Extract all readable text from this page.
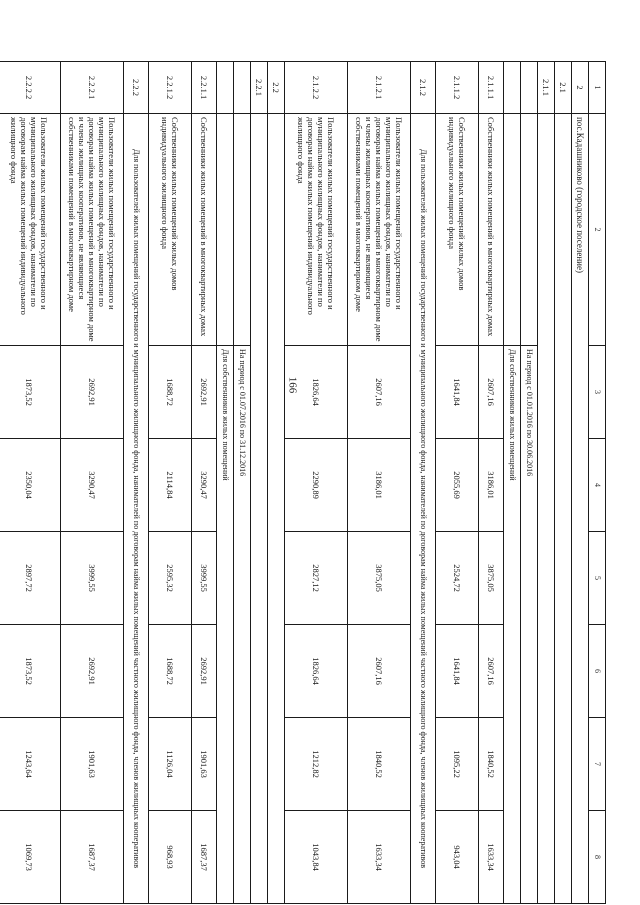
166
1	2	3	4	5	6	7	8
2	пос.Кадашниково (городское поселение)						
2.1							
2.1.1							
		На период с 01.01.2016 по 30.06.2016					
		Для собственников жилых помещений					
2.1.1.1	Собственники жилых помещений в многоквартирных домах	2607,16	3186,01	3875,05	2607,16	1840,52	1633,34
2.1.1.2	Собственники жилых помещений жилых домов индивидуального жилищного фонда	1641,84	2055,69	2524,72	1641,84	1095,22	943,04
2.1.2	Для пользователей жилых помещений государственного и муниципального жилищного фонда, нанимателей по договорам найма жилых помещений частного жилищного фонда, членов жилищных кооперативов						
2.1.2.1	Пользователи жилых помещений государственного и муниципального жилищных фондов, наниматели по договорам найма жилых помещений в многоквартирном доме и члены жилищных кооперативов, не являющиеся собственниками помещений в многоквартирном доме	2607,16	3186,01	3875,05	2607,16	1840,52	1633,34
2.1.2.2	Пользователи жилых помещений государственного и муниципального жилищных фондов, наниматели по договорам найма жилых помещений индивидуального жилищного фонда	1826,64	2290,89	2827,12	1826,64	1212,82	1043,84
2.2							
2.2.1							
		На период с 01.07.2016 по 31.12.2016					
		Для собственников жилых помещений					
2.2.1.1	Собственники жилых помещений в многоквартирных домах	2692,91	3290,47	3999,55	2692,91	1901,63	1687,37
2.2.1.2	Собственники жилых помещений жилых домов индивидуального жилищного фонда	1688,72	2114,84	2595,32	1688,72	1126,04	968,93
2.2.2	Для пользователей жилых помещений государственного и муниципального жилищного фонда, нанимателей по договорам найма жилых помещений частного жилищного фонда, членов жилищных кооперативов						
2.2.2.1	Пользователи жилых помещений государственного и муниципального жилищных фондов, наниматели по договорам найма жилых помещений в многоквартирном доме и члены жилищных кооперативов, не являющиеся собственниками помещений в многоквартирном доме	2692,91	3290,47	3999,55	2692,91	1901,63	1687,37
2.2.2.2	Пользователи жилых помещений государственного и муниципального жилищных фондов, наниматели по договорам найма жилых помещений индивидуального жилищного фонда	1873,52	2350,04	2897,72	1873,52	1243,64	1069,73
